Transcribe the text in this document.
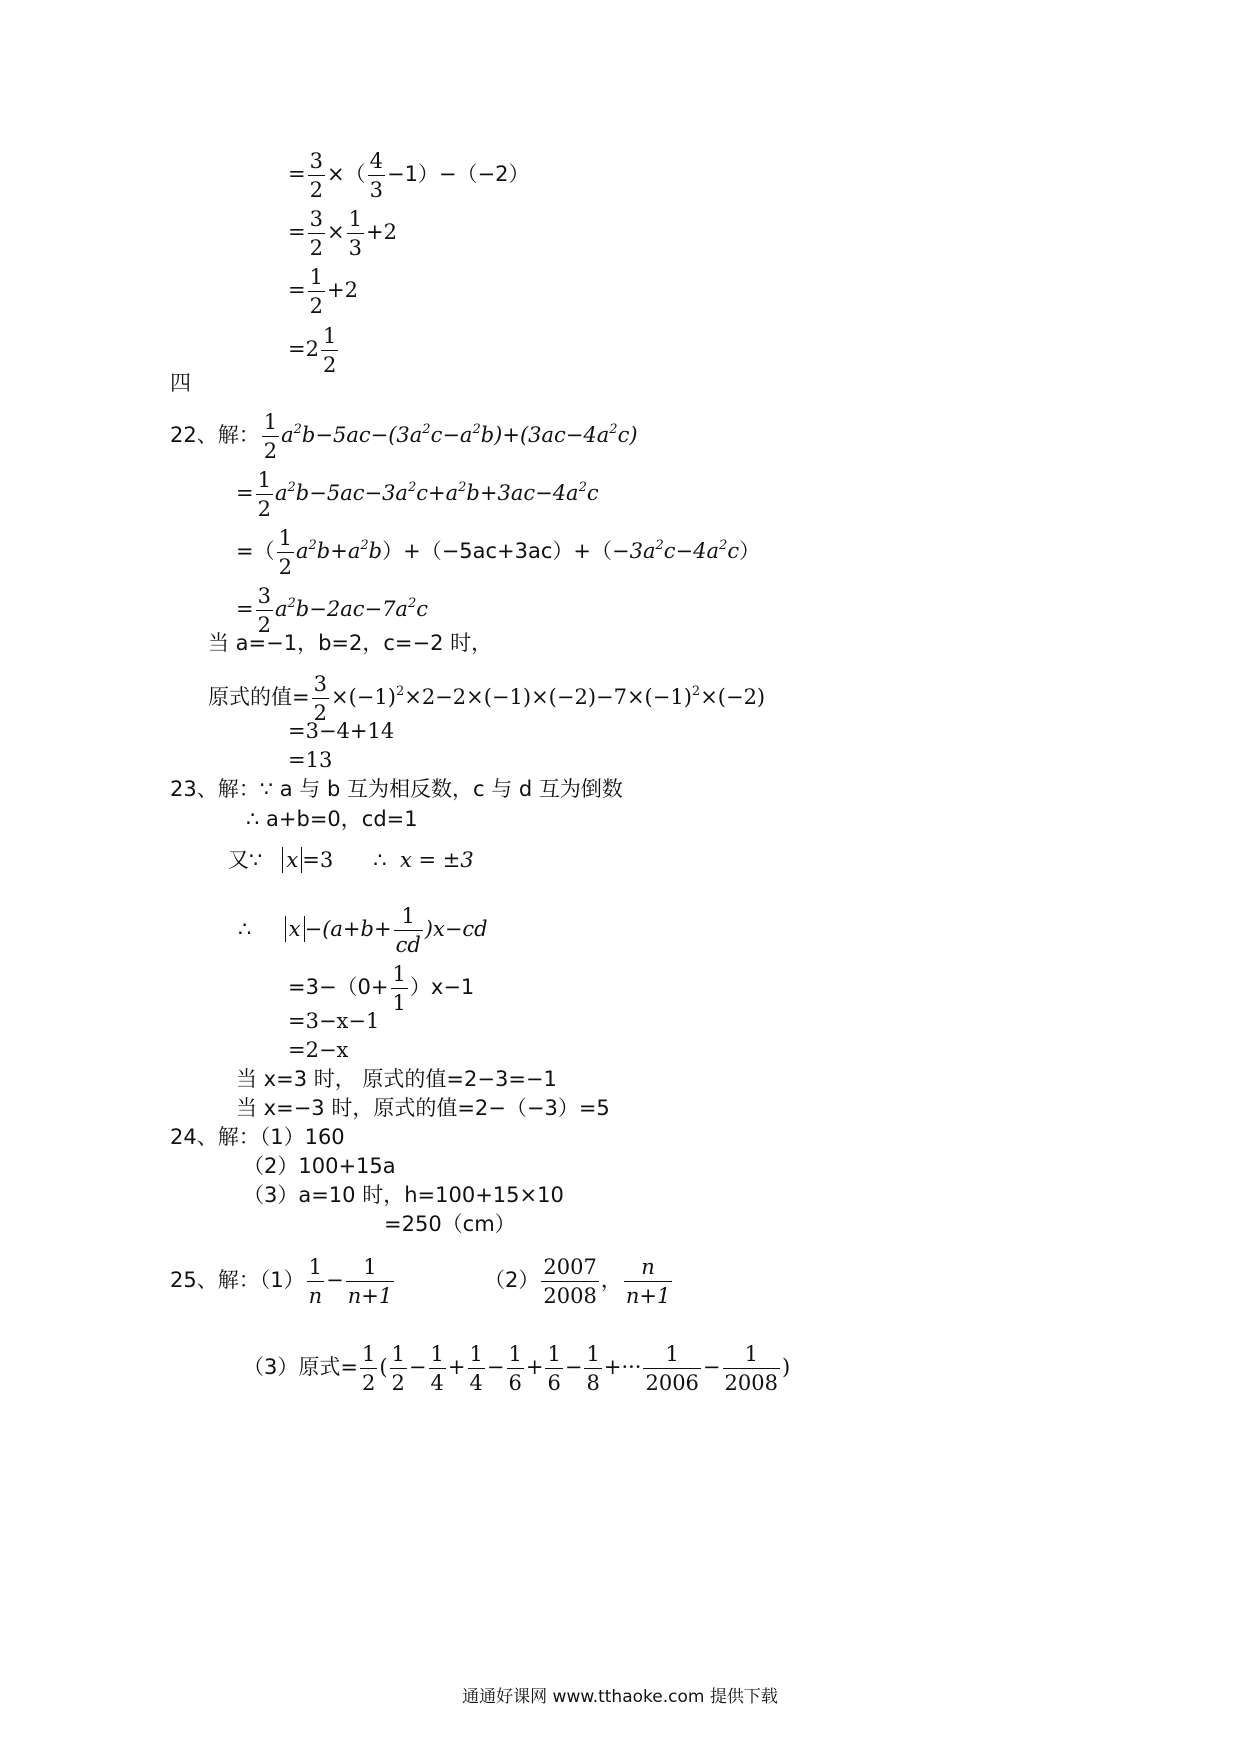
= $\frac{3}{2}$ ×（ $\frac{4}{3} -1)-(-2)$
= $\frac{3}{2} \times \frac{1}{3} +2$
= $\frac{1}{2} +2$
$=2 \frac{1}{2}$
四
22、解： $\frac{1}{2} a^2b-5ac-(3a^2c-a^2b)+(3ac-4a^2c)$
= $\frac{1}{2} a^2b-5ac-3a^2c+a^2b+3ac-4a^2c$
=（ $\frac{1}{2} a^2b+a^2b)+(-5ac+3ac)+(-3a^2c-4a^2c)$
= $\frac{3}{2} a^2b-2ac-7a^2c$
当 a=−1，b=2，c=−2 时，
原式的值= $\frac{3}{2} \times(-1)^2\times 2-2\times(-1)\times(-2)-7\times(-1)^2\times(-2)$
=3−4+14
=13
23、解：∵ a 与 b 互为相反数，c 与 d 互为倒数
∴ a+b=0，cd=1
又∵ x =3 ∴ x = ±3
∴ $x -(a+b+ \frac{1}{cd} )x-cd$
$=3-(0+ \frac{1}{1} )x-1$
=3−x−1
=2−x
当 x=3 时， 原式的值=2−3=−1
当 x=−3 时，原式的值=2−（−3）=5
24、解：（1）160
（2）100+15a
（3）a=10 时，h=100+15×10
=250（cm）
25、解：$(1) \frac{1}{n} - \frac{1}{n+1}$	$(2) \frac{2007}{2008}$ ， $\frac{n}{n+1}$
（3）原式= $\frac{1}{2}$ ( $\frac{1}{2} - \frac{1}{4} + \frac{1}{4} - \frac{1}{6} + \frac{1}{6} - \frac{1}{8}$ +··· $\frac{1}{2006} - \frac{1}{2008}$ )
通通好课网 www.tthaoke.com 提供下载
